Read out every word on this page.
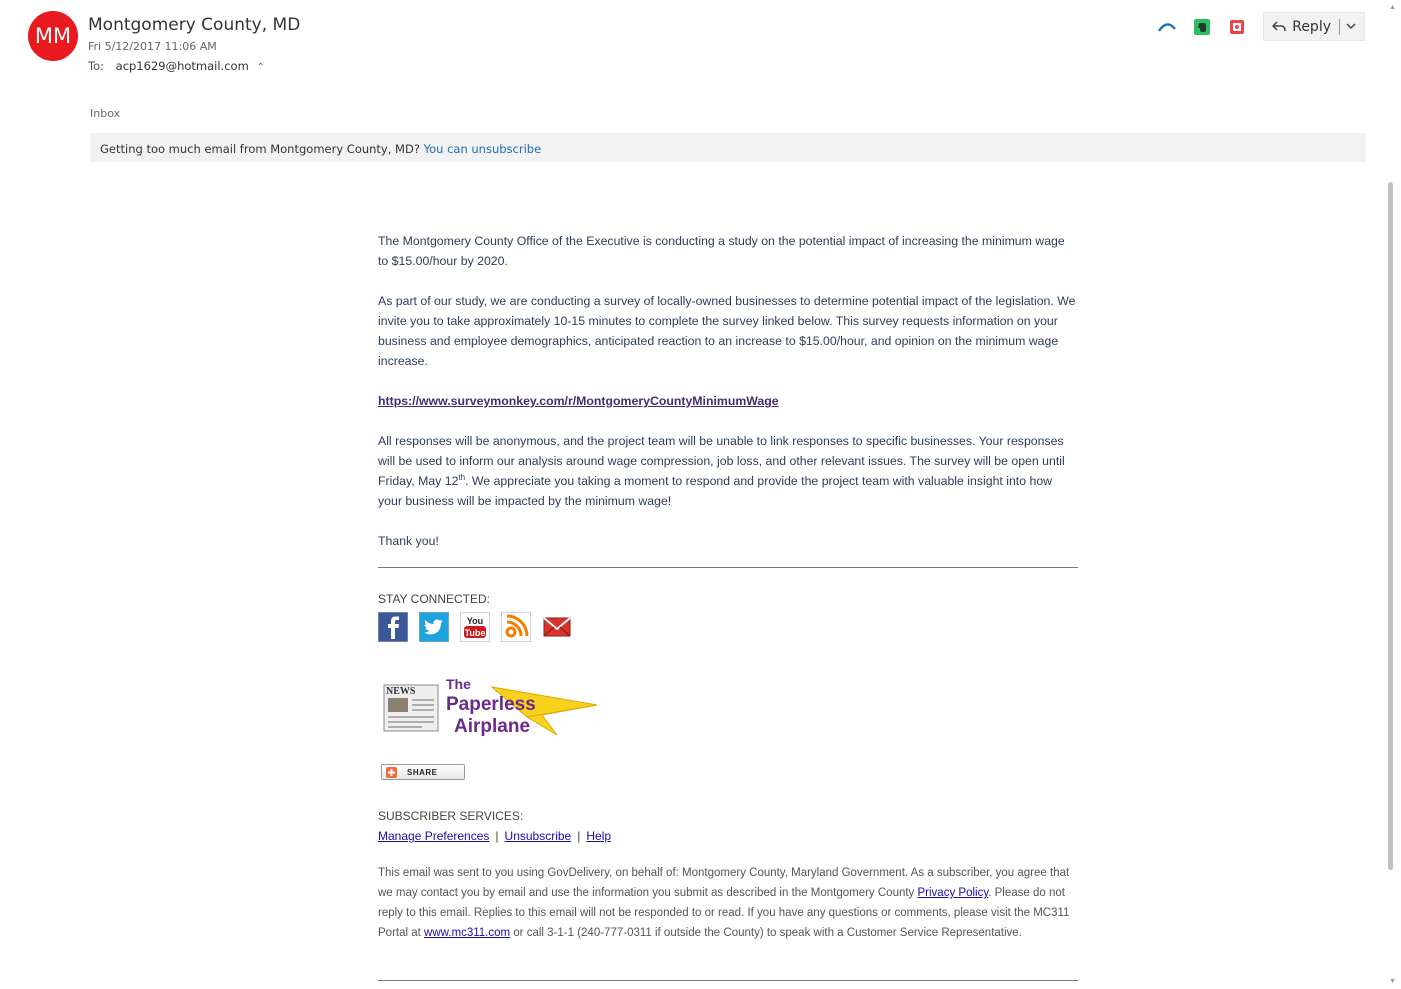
MM Montgomery County, MD
Fri 5/12/2017 11:06 AM
To: acp1629@hotmail.com ⌃
Reply
Inbox
Getting too much email from Montgomery County, MD? You can unsubscribe

The Montgomery County Office of the Executive is conducting a study on the potential impact of increasing the minimum wage to $15.00/hour by 2020.

As part of our study, we are conducting a survey of locally-owned businesses to determine potential impact of the legislation. We invite you to take approximately 10-15 minutes to complete the survey linked below. This survey requests information on your business and employee demographics, anticipated reaction to an increase to $15.00/hour, and opinion on the minimum wage increase.

https://www.surveymonkey.com/r/MontgomeryCountyMinimumWage

All responses will be anonymous, and the project team will be unable to link responses to specific businesses. Your responses will be used to inform our analysis around wage compression, job loss, and other relevant issues. The survey will be open until Friday, May 12th. We appreciate you taking a moment to respond and provide the project team with valuable insight into how your business will be impacted by the minimum wage!

Thank you!

STAY CONNECTED:
You
Tube
NEWS The
Paperless
Airplane
SHARE
SUBSCRIBER SERVICES:
Manage Preferences | Unsubscribe | Help
This email was sent to you using GovDelivery, on behalf of: Montgomery County, Maryland Government. As a subscriber, you agree that we may contact you by email and use the information you submit as described in the Montgomery County Privacy Policy. Please do not reply to this email. Replies to this email will not be responded to or read. If you have any questions or comments, please visit the MC311 Portal at www.mc311.com or call 3-1-1 (240-777-0311 if outside the County) to speak with a Customer Service Representative.
▲
▼
